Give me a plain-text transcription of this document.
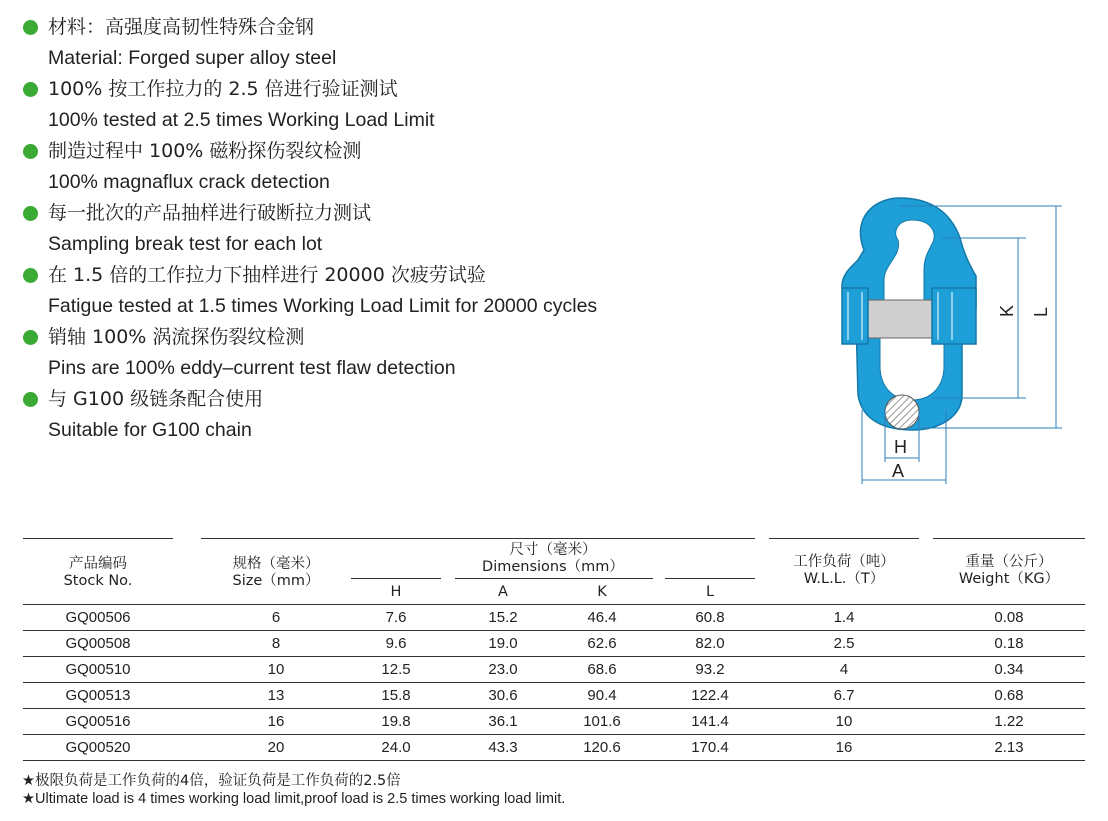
材料：高强度高韧性特殊合金钢
Material: Forged super alloy steel
100% 按工作拉力的 2.5 倍进行验证测试
100% tested at 2.5 times Working Load Limit
制造过程中 100% 磁粉探伤裂纹检测
100% magnaflux crack detection
每一批次的产品抽样进行破断拉力测试
Sampling break test for each lot
在 1.5 倍的工作拉力下抽样进行 20000 次疲劳试验
Fatigue tested at 1.5 times Working Load Limit for 20000 cycles
销轴 100% 涡流探伤裂纹检测
Pins are 100% eddy–current test flaw detection
与 G100 级链条配合使用
Suitable for G100 chain
K L
H
A
产品编码
Stock No.
规格（毫米）
Size（mm）
尺寸（毫米）
Dimensions（mm）	工作负荷（吨）
W.L.L.（T）
重量（公斤）
Weight（KG）
H	A	K	L
GQ00506	6	7.6	15.2	46.4	60.8	1.4	0.08
GQ00508	8	9.6	19.0	62.6	82.0	2.5	0.18
GQ00510	10	12.5	23.0	68.6	93.2	4	0.34
GQ00513	13	15.8	30.6	90.4	122.4	6.7	0.68
GQ00516	16	19.8	36.1	101.6	141.4	10	1.22
GQ00520	20	24.0	43.3	120.6	170.4	16	2.13
★极限负荷是工作负荷的4倍，验证负荷是工作负荷的2.5倍
★Ultimate load is 4 times working load limit,proof load is 2.5 times working load limit.
